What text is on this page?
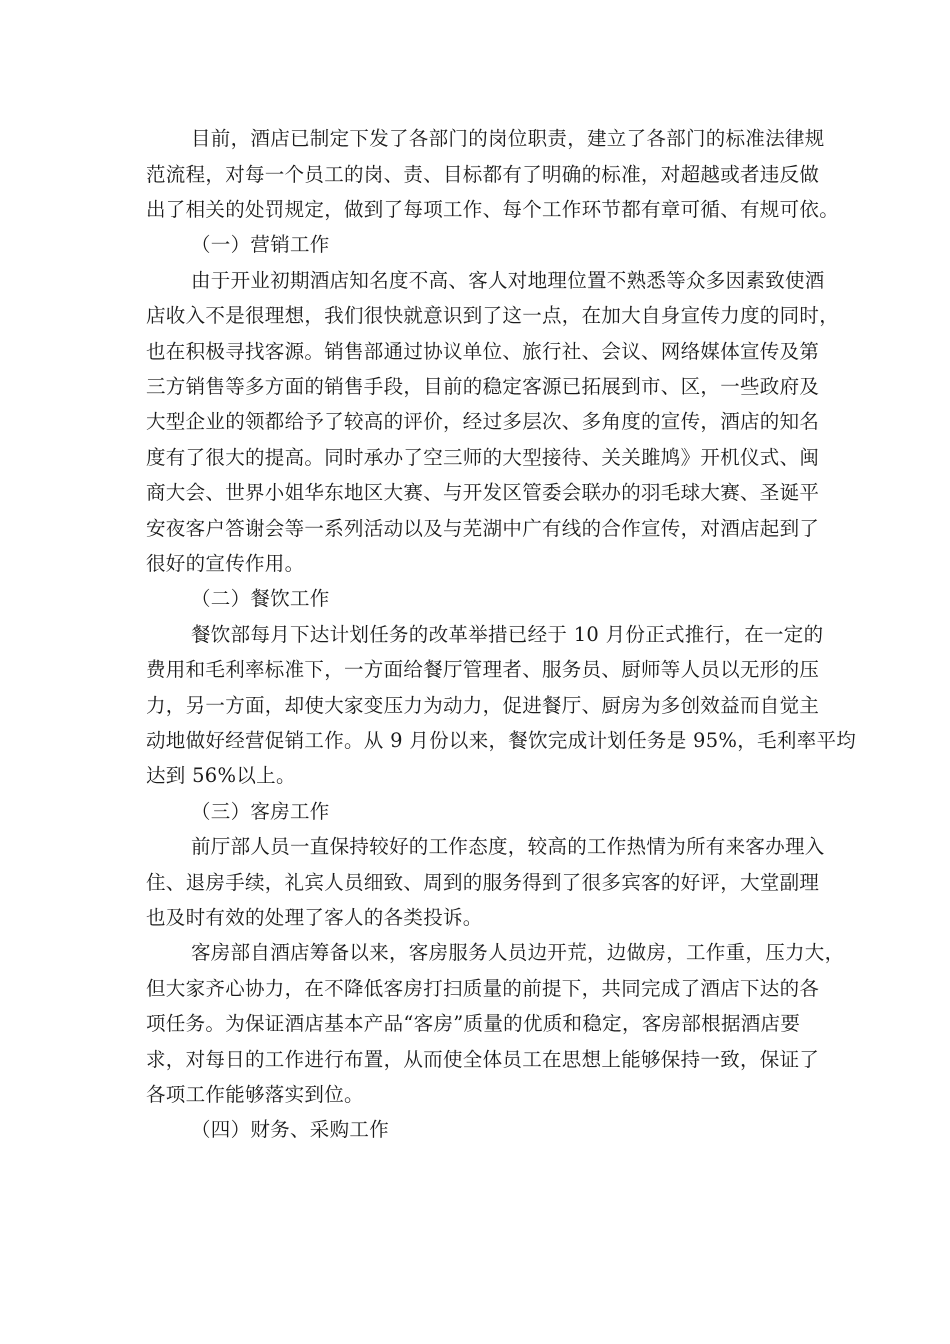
目前，酒店已制定下发了各部门的岗位职责，建立了各部门的标准法律规
范流程，对每一个员工的岗、责、目标都有了明确的标准，对超越或者违反做
出了相关的处罚规定，做到了每项工作、每个工作环节都有章可循、有规可依。
（一）营销工作
由于开业初期酒店知名度不高、客人对地理位置不熟悉等众多因素致使酒
店收入不是很理想，我们很快就意识到了这一点，在加大自身宣传力度的同时，
也在积极寻找客源。销售部通过协议单位、旅行社、会议、网络媒体宣传及第
三方销售等多方面的销售手段，目前的稳定客源已拓展到市、区，一些政府及
大型企业的领都给予了较高的评价，经过多层次、多角度的宣传，酒店的知名
度有了很大的提高。同时承办了空三师的大型接待、关关雎鸠》开机仪式、闽
商大会、世界小姐华东地区大赛、与开发区管委会联办的羽毛球大赛、圣诞平
安夜客户答谢会等一系列活动以及与芜湖中广有线的合作宣传，对酒店起到了
很好的宣传作用。
（二）餐饮工作
餐饮部每月下达计划任务的改革举措已经于 10 月份正式推行，在一定的
费用和毛利率标准下，一方面给餐厅管理者、服务员、厨师等人员以无形的压
力，另一方面，却使大家变压力为动力，促进餐厅、厨房为多创效益而自觉主
动地做好经营促销工作。从 9 月份以来，餐饮完成计划任务是 95%，毛利率平均
达到 56%以上。
（三）客房工作
前厅部人员一直保持较好的工作态度，较高的工作热情为所有来客办理入
住、退房手续，礼宾人员细致、周到的服务得到了很多宾客的好评，大堂副理
也及时有效的处理了客人的各类投诉。
客房部自酒店筹备以来，客房服务人员边开荒，边做房，工作重，压力大，
但大家齐心协力，在不降低客房打扫质量的前提下，共同完成了酒店下达的各
项任务。为保证酒店基本产品“客房”质量的优质和稳定，客房部根据酒店要
求，对每日的工作进行布置，从而使全体员工在思想上能够保持一致，保证了
各项工作能够落实到位。
（四）财务、采购工作
